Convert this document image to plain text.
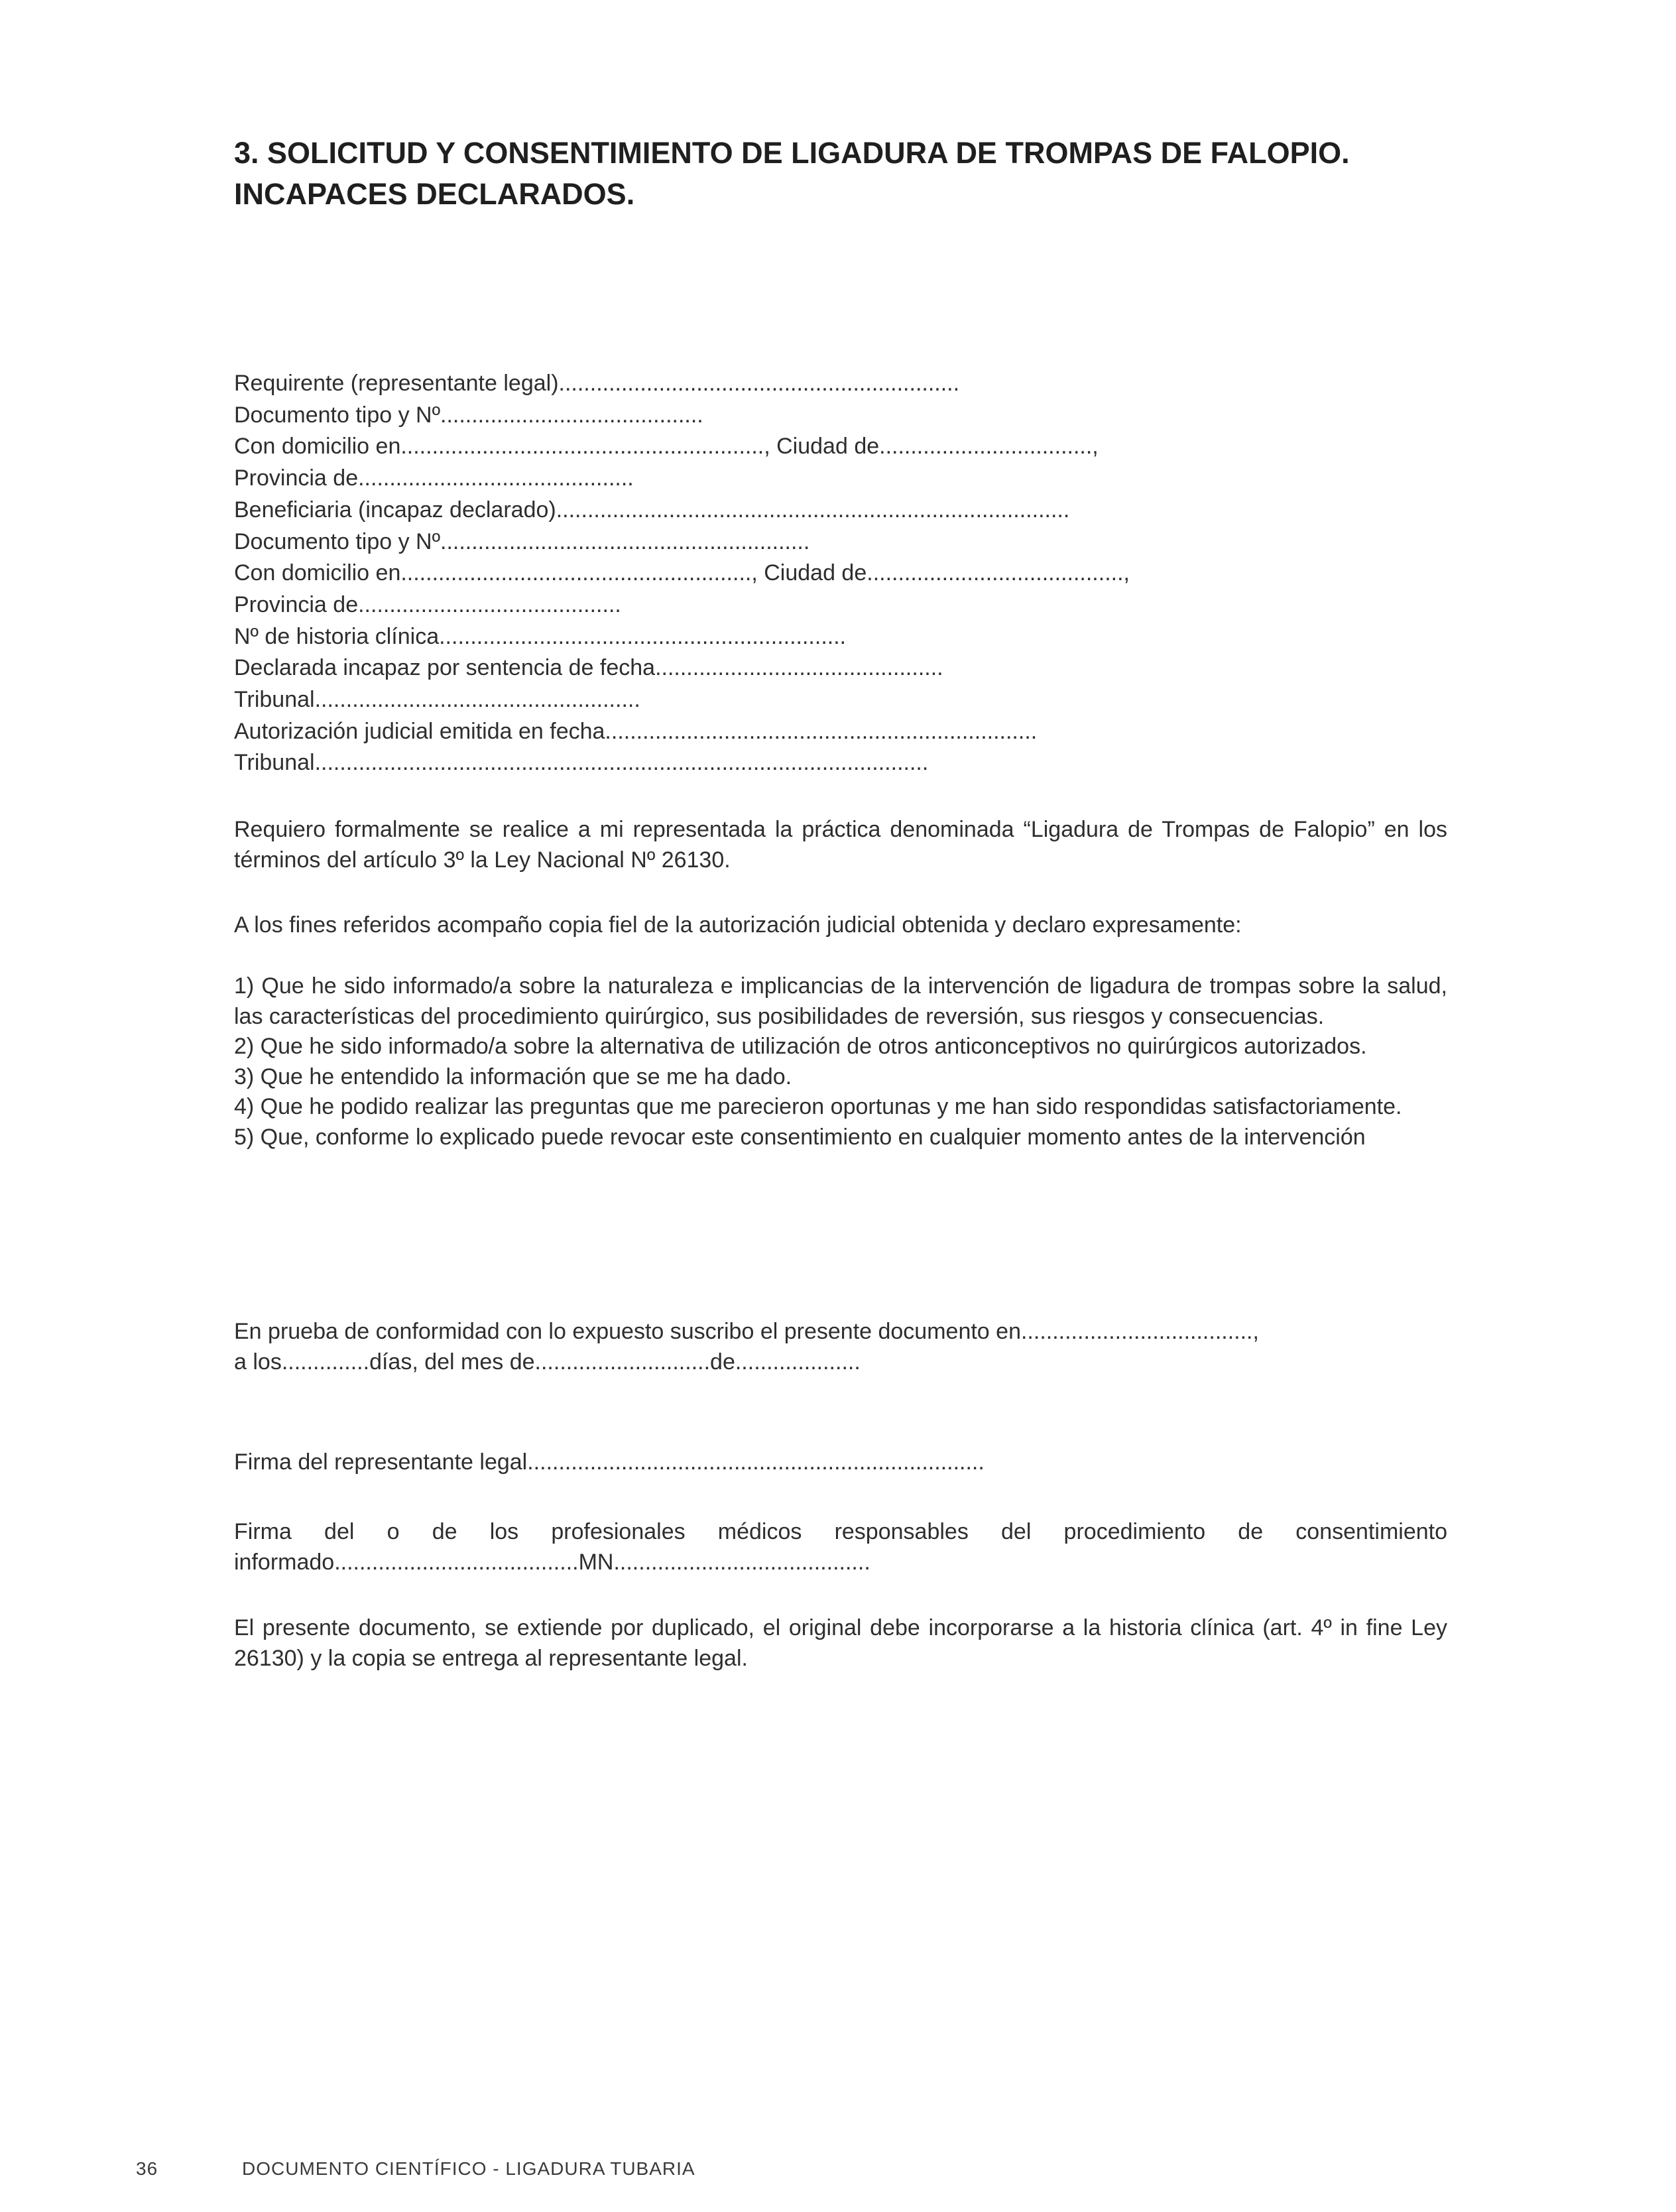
3. SOLICITUD Y CONSENTIMIENTO DE LIGADURA DE TROMPAS DE FALOPIO.
INCAPACES DECLARADOS.
Requirente (representante legal)................................................................
Documento tipo y Nº..........................................
Con domicilio en.........................................................., Ciudad de..................................,
Provincia de............................................
Beneficiaria (incapaz declarado)..................................................................................
Documento tipo y Nº...........................................................
Con domicilio en........................................................, Ciudad de.........................................,
Provincia de..........................................
Nº de historia clínica.................................................................
Declarada incapaz por sentencia de fecha..............................................
Tribunal....................................................
Autorización judicial emitida en fecha.....................................................................
Tribunal..................................................................................................

Requiero formalmente se realice a mi representada la práctica denominada “Ligadura de Trompas de Falopio” en los términos del artículo 3º la Ley Nacional Nº 26130.

A los fines referidos acompaño copia fiel de la autorización judicial obtenida y declaro expresamente:

1) Que he sido informado/a sobre la naturaleza e implicancias de la intervención de ligadura de trompas sobre la salud, las características del procedimiento quirúrgico, sus posibilidades de reversión, sus riesgos y consecuencias.
2) Que he sido informado/a sobre la alternativa de utilización de otros anticonceptivos no quirúrgicos autorizados.
3) Que he entendido la información que se me ha dado.
4) Que he podido realizar las preguntas que me parecieron oportunas y me han sido respondidas satisfactoriamente.
5) Que, conforme lo explicado puede revocar este consentimiento en cualquier momento antes de la intervención
En prueba de conformidad con lo expuesto suscribo el presente documento en.....................................,
a los..............días, del mes de............................de....................

Firma del representante legal.........................................................................

Firma del o de los profesionales médicos responsables del procedimiento de consentimiento informado.......................................MN.........................................

El presente documento, se extiende por duplicado, el original debe incorporarse a la historia clínica (art. 4º in fine Ley 26130) y la copia se entrega al representante legal.

36	DOCUMENTO CIENTÍFICO - LIGADURA TUBARIA
